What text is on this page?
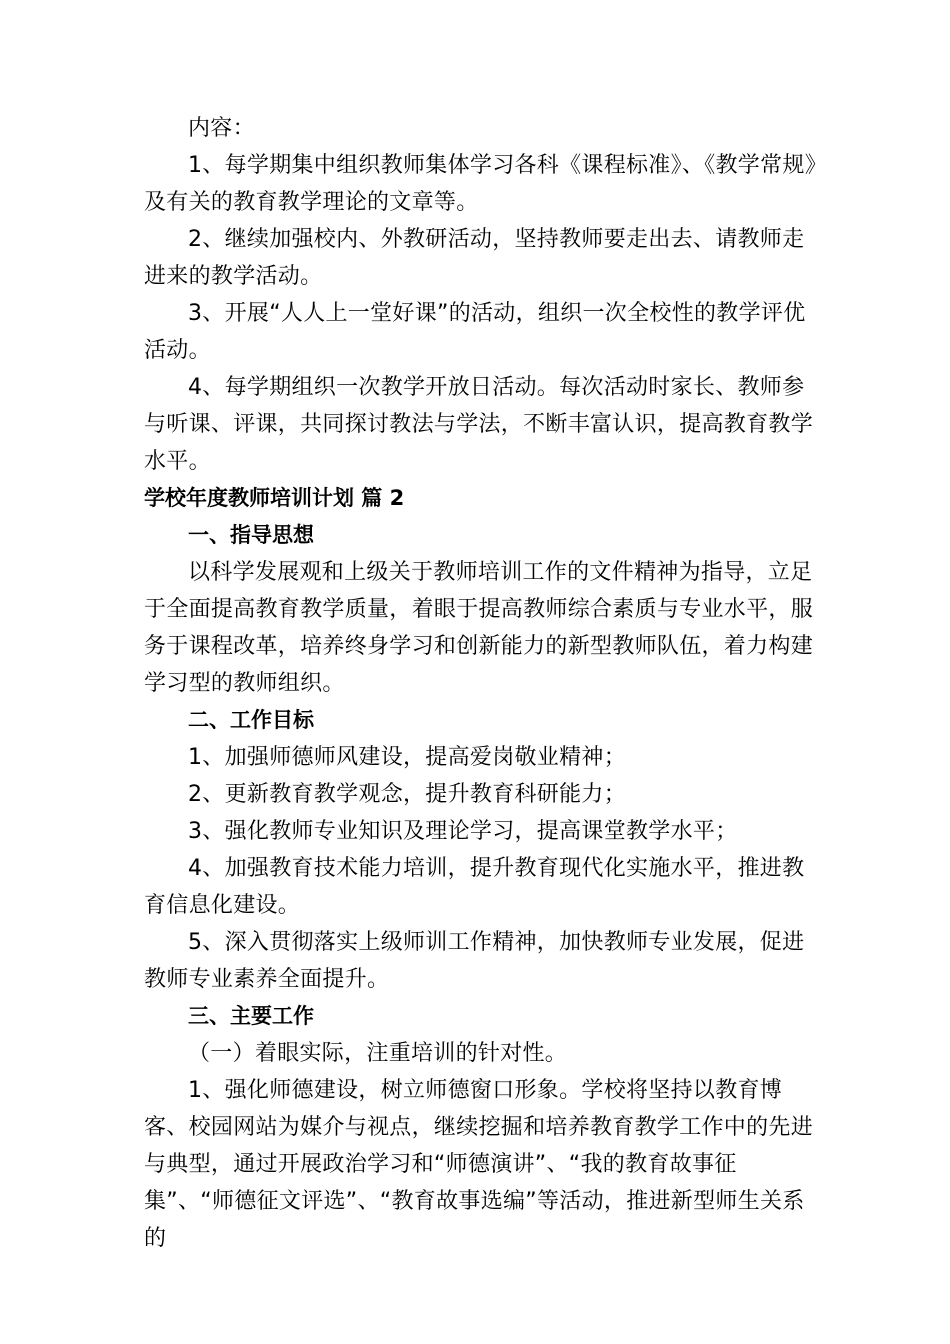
内容：

1、每学期集中组织教师集体学习各科《课程标准》、《教学常规》及有关的教育教学理论的文章等。

2、继续加强校内、外教研活动，坚持教师要走出去、请教师走进来的教学活动。

3、开展“人人上一堂好课”的活动，组织一次全校性的教学评优活动。

4、每学期组织一次教学开放日活动。每次活动时家长、教师参与听课、评课，共同探讨教法与学法，不断丰富认识，提高教育教学水平。

学校年度教师培训计划 篇 2

一、指导思想

以科学发展观和上级关于教师培训工作的文件精神为指导，立足于全面提高教育教学质量，着眼于提高教师综合素质与专业水平，服务于课程改革，培养终身学习和创新能力的新型教师队伍，着力构建学习型的教师组织。

二、工作目标

1、加强师德师风建设，提高爱岗敬业精神；

2、更新教育教学观念，提升教育科研能力；

3、强化教师专业知识及理论学习，提高课堂教学水平；

4、加强教育技术能力培训，提升教育现代化实施水平，推进教育信息化建设。

5、深入贯彻落实上级师训工作精神，加快教师专业发展，促进教师专业素养全面提升。

三、主要工作

（一）着眼实际，注重培训的针对性。

1、强化师德建设，树立师德窗口形象。学校将坚持以教育博客、校园网站为媒介与视点，继续挖掘和培养教育教学工作中的先进与典型，通过开展政治学习和“师德演讲”、“我的教育故事征集”、“师德征文评选”、“教育故事选编”等活动，推进新型师生关系的
